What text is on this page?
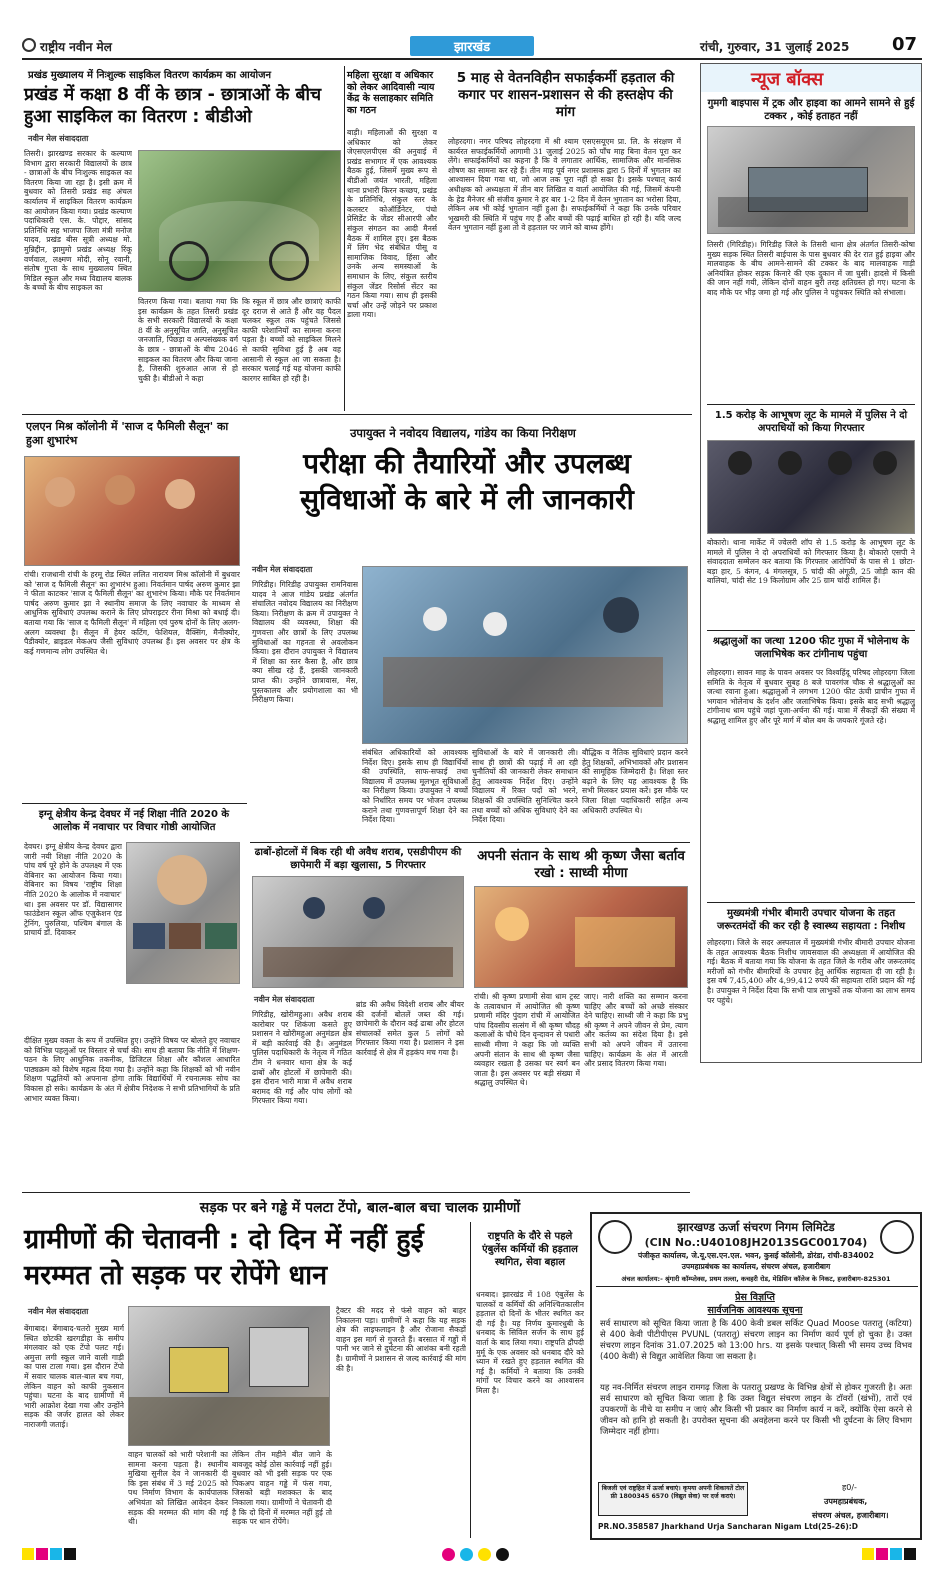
राष्ट्रीय नवीन मेल	झारखंड	रांची, गुरुवार, 31 जुलाई 2025 07
प्रखंड मुख्यालय में निःशुल्क साइकिल वितरण कार्यक्रम का आयोजन
प्रखंड में कक्षा 8 वीं के छात्र - छात्राओं के बीच हुआ साइकिल का वितरण : बीडीओ
नवीन मेल संवाददाता
तिसरी। झारखण्ड सरकार के कल्याण विभाग द्वारा सरकारी विद्यालयों के छात्र - छात्राओं के बीच निःशुल्क साइकल का वितरण किया जा रहा है। इसी क्रम में बुधवार को तिसरी प्रखंड सह अंचल कार्यालय में साइकिल वितरण कार्यक्रम का आयोजन किया गया। प्रखंड कल्याण पदाधिकारी एस. के. पोद्दार, सांसद प्रतिनिधि सह भाजपा जिला मंत्री मनोज यादव, प्रखंड बीस सूत्री अध्यक्ष मो. मुन्निद्दीन, झामुमो प्रखंड अध्यक्ष रिंकू वर्णवाल, लक्ष्मण मोदी, सोनू रवानी, संतोष गुप्ता के साथ मुख्यालय स्थित मिडिल स्कूल और मध्य विद्यालय बालक के बच्चों के बीच साइकल का
वितरण किया गया। बताया गया कि इस कार्यक्रम के तहत तिसरी प्रखंड के सभी सरकारी विद्यालयों के कक्षा 8 वीं के अनुसूचित जाति, अनुसूचित जनजाति, पिछड़ा व अल्पसंख्यक वर्ग के छात्र - छात्राओं के बीच 2046 साइकल का वितरण और किया जाना है, जिसकी शुरुआत आज से हो चुकी है। बीडीओ ने कहा
कि स्कूल में छात्र और छात्राएं काफी दूर दराज से आते हैं और वह पैदल चलकर स्कूल तक पहुंचते जिससे काफी परेशानियों का सामना करना पड़ता है। बच्चों को साइकिल मिलने से काफी सुविधा हुई है अब वह आसानी से स्कूल आ जा सकता है। सरकार चलाई गई यह योजना काफी कारगर साबित हो रही है।
महिला सुरक्षा व अधिकार को लेकर आदिवासी न्याय केंद्र के सलाहकार समिति का गठन
बाड़ी। महिलाओं की सुरक्षा व अधिकार को लेकर जेएसएलपीएस की अनुवाई में प्रखंड सभागार में एक आवश्यक बैठक हुई, जिसमें मुख्य रूप से बीडीओ जयंत भारती, महिला थाना प्रभारी किरन कच्छप, प्रखंड के प्रतिनिधि, संकुल स्तर के कलस्टर कोऑर्डिनेटर, पंचो प्रेसिडेंट के जेंडर सीआरपी और संकुल संगठन का आदी मैनर्स बैठक में शामिल हुए। इस बैठक में लिंग भेद संबंधित पीसू व सामाजिक विवाद, हिंसा और उनके अन्य समस्याओं के समाधान के लिए, संकुल स्तरीय संकुल जेंडर रिसोर्स सेंटर का गठन किया गया। साथ ही इसकी चर्चा और उन्हें जोड़ने पर प्रकाश डाला गया।
5 माह से वेतनविहीन सफाईकर्मी हड़ताल की कगार पर शासन-प्रशासन से की हस्तक्षेप की मांग
लोहरदगा। नगर परिषद लोहरदगा में श्री श्याम एसएसयूएम प्रा. लि. के संरक्षण में कार्यरत सफाईकर्मियों आगामी 31 जुलाई 2025 को पाँच माह बिना वेतन पूरा कर लेंगे। सफाईकर्मियों का कहना है कि वे लगातार आर्थिक, सामाजिक और मानसिक शोषण का सामना कर रहे हैं। तीन माह पूर्व नगर प्रशासक द्वारा 5 दिनों में भुगतान का आश्वासन दिया गया था, जो आज तक पूरा नहीं हो सका है। इसके पश्चात् कार्य अधीक्षक को अध्यक्षता में तीन बार लिखित व वार्ता आयोजित की गई, जिसमें कंपनी के हेड मैनेजर श्री संजीव कुमार ने हर बार 1-2 दिन में वेतन भुगतान का भरोसा दिया, लेकिन अब भी कोई भुगतान नहीं हुआ है। सफाईकर्मियों ने कहा कि उनके परिवार भूखमरी की स्थिति में पहुंच गए हैं और बच्चों की पढ़ाई बाधित हो रही है। यदि जल्द वेतन भुगतान नहीं हुआ तो वे हड़ताल पर जाने को बाध्य होंगे।
न्यूज बॉक्स
गुमगी बाइपास में ट्रक और हाइवा का आमने सामने से हुई टक्कर , कोई हताहत नहीं
तिसरी (गिरिडीह)। गिरिडीह जिले के तिसरी थाना क्षेत्र अंतर्गत तिसरी-कोषा मुख्य सड़क स्थित तिसरी बाईपास के पास बुधवार की देर रात हुई हाइवा और मालवाहक के बीच आमने-सामने की टक्कर के बाद मालवाहक गाड़ी अनियंत्रित होकर सड़क किनारे की एक दुकान में जा घुसी। हादसे में किसी की जान नहीं गयी, लेकिन दोनों वाहन बुरी तरह क्षतिग्रस्त हो गए। घटना के बाद मौके पर भीड़ जमा हो गई और पुलिस ने पहुंचकर स्थिति को संभाला।
1.5 करोड़ के आभूषण लूट के मामले में पुलिस ने दो अपराधियों को किया गिरफ्तार
बोकारो। थाना मार्केट में ज्वेलरी शॉप से 1.5 करोड़ के आभूषण लूट के मामले में पुलिस ने दो अपराधियों को गिरफ्तार किया है। बोकारो एसपी ने संवाददाता सम्मेलन कर बताया कि गिरफ्तार आरोपियों के पास से 1 छोटा-बड़ा हार, 5 कंगन, 4 मंगलसूत्र, 5 चांदी की अंगूठी, 25 जोड़ी कान की बालियां, चांदी सेट 19 किलोग्राम और 25 ग्राम चांदी शामिल हैं।
श्रद्धालुओं का जत्था 1200 फीट गुफा में भोलेनाथ के जलाभिषेक कर टांगीनाथ पहुंचा
लोहरदगा। सावन माह के पावन अवसर पर विश्वहिंदू परिषद लोहरदगा जिला समिति के नेतृत्व में बुधवार सुबह 8 बजे पावरगंज चौक से श्रद्धालुओं का जत्था रवाना हुआ। श्रद्धालुओं ने लगभग 1200 फीट ऊंची प्राचीन गुफा में भगवान भोलेनाथ के दर्शन और जलाभिषेक किया। इसके बाद सभी श्रद्धालु टांगीनाथ धाम पहुंचे जहां पूजा-अर्चना की गई। यात्रा में सैकड़ों की संख्या में श्रद्धालु शामिल हुए और पूरे मार्ग में बोल बम के जयकारे गूंजते रहे।
मुख्यमंत्री गंभीर बीमारी उपचार योजना के तहत जरूरतमंदों की कर रही है स्वास्थ्य सहायता : निशीथ
लोहरदगा। जिले के सदर अस्पताल में मुख्यमंत्री गंभीर बीमारी उपचार योजना के तहत आवश्यक बैठक निशीथ जायसवाल की अध्यक्षता में आयोजित की गई। बैठक में बताया गया कि योजना के तहत जिले के गरीब और जरूरतमंद मरीजों को गंभीर बीमारियों के उपचार हेतु आर्थिक सहायता दी जा रही है। इस वर्ष 7,45,400 और 4,99,412 रुपये की सहायता राशि प्रदान की गई है। उपायुक्त ने निर्देश दिया कि सभी पात्र लाभुकों तक योजना का लाभ समय पर पहुंचे।
एलएन मिश्र कॉलोनी में 'साज द फैमिली सैलून' का हुआ शुभारंभ
रांची। राजधानी रांची के हरमू रोड स्थित ललित नारायण मिश्र कॉलोनी में बुधवार को 'साज द फैमिली सैलून' का शुभारंभ हुआ। निवर्तमान पार्षद अरुण कुमार झा ने फीता काटकर 'साज द फैमिली सैलून' का शुभारंभ किया। मौके पर निवर्तमान पार्षद अरुण कुमार झा ने स्थानीय समाज के लिए नवाचार के माध्यम से आधुनिक सुविधाएं उपलब्ध कराने के लिए प्रोपराइटर रीना मिश्रा को बधाई दी। बताया गया कि 'साज द फैमिली सैलून' में महिला एवं पुरुष दोनों के लिए अलग-अलग व्यवस्था है। सैलून में हेयर कटिंग, फेशियल, वैक्सिंग, मैनीक्योर, पैडीक्योर, ब्राइडल मेकअप जैसी सुविधाएं उपलब्ध हैं। इस अवसर पर क्षेत्र के कई गणमान्य लोग उपस्थित थे।
उपायुक्त ने नवोदय विद्यालय, गांडेय का किया निरीक्षण
परीक्षा की तैयारियों और उपलब्ध सुविधाओं के बारे में ली जानकारी
नवीन मेल संवाददाता
गिरिडीह। गिरिडीह उपायुक्त रामनिवास यादव ने आज गांडेय प्रखंड अंतर्गत संचालित नवोदय विद्यालय का निरीक्षण किया। निरीक्षण के क्रम में उपायुक्त ने विद्यालय की व्यवस्था, शिक्षा की गुणवत्ता और छात्रों के लिए उपलब्ध सुविधाओं का गहनता से अवलोकन किया। इस दौरान उपायुक्त ने विद्यालय में शिक्षा का स्तर कैसा है, और छात्र क्या सीख रहे हैं, इसकी जानकारी प्राप्त की। उन्होंने छात्रावास, मेस, पुस्तकालय और प्रयोगशाला का भी निरीक्षण किया।
संबंधित अधिकारियों को आवश्यक निर्देश दिए। इसके साथ ही विद्यार्थियों की उपस्थिति, साफ-सफाई तथा विद्यालय में उपलब्ध मूलभूत सुविधाओं का निरीक्षण किया। उपायुक्त ने बच्चों को निर्धारित समय पर भोजन उपलब्ध कराने तथा गुणवत्तापूर्ण शिक्षा देने का निर्देश दिया।
सुविधाओं के बारे में जानकारी ली। साथ ही छात्रों की पढ़ाई में आ रही चुनौतियों की जानकारी लेकर समाधान हेतु आवश्यक निर्देश दिए। उन्होंने विद्यालय में रिक्त पदों को भरने, शिक्षकों की उपस्थिति सुनिश्चित करने तथा बच्चों को अधिक सुविधाएं देने का निर्देश दिया।
बौद्धिक व नैतिक सुविधाएं प्रदान करने हेतु शिक्षकों, अभिभावकों और प्रशासन की सामूहिक जिम्मेदारी है। शिक्षा स्तर बढ़ाने के लिए यह आवश्यक है कि सभी मिलकर प्रयास करें। इस मौके पर जिला शिक्षा पदाधिकारी सहित अन्य अधिकारी उपस्थित थे।
इग्नू क्षेत्रीय केन्द्र देवघर में नई शिक्षा नीति 2020 के आलोक में नवाचार पर विचार गोष्ठी आयोजित
देवघर। इग्नू क्षेत्रीय केन्द्र देवघर द्वारा जारी नयी शिक्षा नीति 2020 के पांच वर्ष पूरे होने के उपलक्ष्य में एक वेबिनार का आयोजन किया गया। वेबिनार का विषय 'राष्ट्रीय शिक्षा नीति 2020 के आलोक में नवाचार' था। इस अवसर पर डॉ. विद्यासागर फाउंडेशन स्कूल ऑफ एजुकेशन एंड ट्रेनिंग, पुरुलिया, पश्चिम बंगाल के प्राचार्य डॉ. दिवाकर
दीक्षित मुख्य वक्ता के रूप में उपस्थित हुए। उन्होंने विषय पर बोलते हुए नवाचार को विभिन्न पहलुओं पर विस्तार से चर्चा की। साथ ही बताया कि नीति में शिक्षण-पठन के लिए आधुनिक तकनीक, डिजिटल शिक्षा और कौशल आधारित पाठ्यक्रम को विशेष महत्व दिया गया है। उन्होंने कहा कि शिक्षकों को भी नवीन शिक्षण पद्धतियों को अपनाना होगा ताकि विद्यार्थियों में रचनात्मक सोच का विकास हो सके। कार्यक्रम के अंत में क्षेत्रीय निदेशक ने सभी प्रतिभागियों के प्रति आभार व्यक्त किया।
ढाबों-होटलों में बिक रही थी अवैध शराब, एसडीपीएम की छापेमारी में बड़ा खुलासा, 5 गिरफ्तार
नवीन मेल संवाददाता
गिरिडीह, खोरीमहुआ। अवैध शराब कारोबार पर शिकंजा कसते हुए प्रशासन ने खोरीमहुआ अनुमंडल क्षेत्र में बड़ी कार्रवाई की है। अनुमंडल पुलिस पदाधिकारी के नेतृत्व में गठित टीम ने धनवार थाना क्षेत्र के कई ढाबों और होटलों में छापेमारी की। इस दौरान भारी मात्रा में अवैध शराब बरामद की गई और पांच लोगों को गिरफ्तार किया गया।
ब्रांड की अवैध विदेशी शराब और बीयर की दर्जनों बोतलें जब्त की गई। छापेमारी के दौरान कई ढाबा और होटल संचालकों समेत कुल 5 लोगों को गिरफ्तार किया गया है। प्रशासन ने इस कार्रवाई से क्षेत्र में हड़कंप मच गया है।
अपनी संतान के साथ श्री कृष्ण जैसा बर्ताव रखो : साध्वी मीणा
रांची। श्री कृष्ण प्रणामी सेवा धाम ट्रस्ट के तत्वावधान में आयोजित श्री कृष्ण प्रणामी मंदिर पुंदाग रांची में आयोजित पांच दिवसीय सत्संग में श्री कृष्ण चौदह कलाओं के चौथे दिन वृन्दावन से पधारी साध्वी मीणा ने कहा कि जो व्यक्ति अपनी संतान के साथ श्री कृष्ण जैसा व्यवहार रखता है उसका घर स्वर्ग बन जाता है। इस अवसर पर बड़ी संख्या में श्रद्धालु उपस्थित थे।
जाए। नारी शक्ति का सम्मान करना चाहिए और बच्चों को अच्छे संस्कार देने चाहिए। साध्वी जी ने कहा कि प्रभु श्री कृष्ण ने अपने जीवन से प्रेम, त्याग और कर्तव्य का संदेश दिया है। इसे सभी को अपने जीवन में उतारना चाहिए। कार्यक्रम के अंत में आरती और प्रसाद वितरण किया गया।
सड़क पर बने गड्ढे में पलटा टेंपो, बाल-बाल बचा चालक ग्रामीणों
ग्रामीणों की चेतावनी : दो दिन में नहीं हुई मरम्मत तो सड़क पर रोपेंगे धान
नवीन मेल संवाददाता
बेंगाबाद। बेंगाबाद-चतरो मुख्य मार्ग स्थित छोटकी खरगडीहा के समीप मंगलवार को एक टेंपो पलट गई। अमुत्ता लगी स्कूल जाने वाली गाड़ी का पास टाला गया। इस दौरान टेंपो में सवार चालक बाल-बाल बच गया, लेकिन वाहन को काफी नुकसान पहुंचा। घटना के बाद ग्रामीणों में भारी आक्रोश देखा गया और उन्होंने सड़क की जर्जर हालत को लेकर नाराजगी जताई।
वाहन चालकों को भारी परेशानी का सामना करना पड़ता है। स्थानीय मुखिया सुनील देव ने जानकारी दी कि इस संबंध में 3 मई 2025 को पथ निर्माण विभाग के कार्यपालक अभियंता को लिखित आवेदन देकर सड़क की मरम्मत की मांग की गई थी।
लेकिन तीन महीने बीत जाने के बावजूद कोई ठोस कार्रवाई नहीं हुई। बुधवार को भी इसी सड़क पर एक पिकअप वाहन गड्ढे में फंस गया, जिसको बड़ी मशक्कत के बाद निकाला गया। ग्रामीणों ने चेतावनी दी है कि दो दिनों में मरम्मत नहीं हुई तो सड़क पर धान रोपेंगे।
ट्रैक्टर की मदद से फंसे वाहन को बाहर निकालना पड़ा। ग्रामीणों ने कहा कि यह सड़क क्षेत्र की लाइफलाइन है और रोजाना सैकड़ों वाहन इस मार्ग से गुजरते हैं। बरसात में गड्ढों में पानी भर जाने से दुर्घटना की आशंका बनी रहती है। ग्रामीणों ने प्रशासन से जल्द कार्रवाई की मांग की है।
राष्ट्रपति के दौरे से पहले एंबुलेंस कर्मियों की हड़ताल स्थगित, सेवा बहाल
धनबाद। झारखंड में 108 एंबुलेंस के चालकों व कर्मियों की अनिश्चितकालीन हड़ताल दो दिनों के भीतर स्थगित कर दी गई है। यह निर्णय कुमारधुबी के धनबाद के सिविल सर्जन के साथ हुई वार्ता के बाद लिया गया। राष्ट्रपति द्रौपदी मुर्मू के एक अवसर को धनबाद दौरे को ध्यान में रखते हुए हड़ताल स्थगित की गई है। कर्मियों ने बताया कि उनकी मांगों पर विचार करने का आश्वासन मिला है।
झारखण्ड ऊर्जा संचरण निगम लिमिटेड
(CIN No.:U40108JH2013SGC001704)
पंजीकृत कार्यालय, जे.यू.एस.एन.एल. भवन, कुसई कॉलोनी, डोरंडा, रांची-834002
उपमहाप्रबंधक का कार्यालय, संचरण अंचल, हजारीबाग
अंचल कार्यालय:- श्रृंगारी कॉम्प्लेक्स, प्रथम तल्ला, कचहरी रोड, मेडिसिन कॉलेज के निकट, हजारीबाग-825301
प्रेस विज्ञप्ति
सार्वजनिक आवश्यक सूचना
सर्व साधारण को सूचित किया जाता है कि 400 केवी डबल सर्किट Quad Moose पतरातु (कटिया) से 400 केवी पीटीपीएस PVUNL (पतरातु) संचरण लाइन का निर्माण कार्य पूर्ण हो चुका है। उक्त संचरण लाइन दिनांक 31.07.2025 को 13:00 hrs. या इसके पश्चात् किसी भी समय उच्च विभव (400 केवी) से विद्युत आवेशित किया जा सकता है।
यह नव-निर्मित संचरण लाइन रामगढ़ जिला के पतरातु प्रखण्ड के विभिन्न क्षेत्रों से होकर गुजरती है। अतः सर्व साधारण को सूचित किया जाता है कि उक्त विद्युत संचरण लाइन के टॉवरों (खंभों), तारों एवं उपकरणों के नीचे या समीप न जाएं और किसी भी प्रकार का निर्माण कार्य न करें, क्योंकि ऐसा करने से जीवन को हानि हो सकती है। उपरोक्त सूचना की अवहेलना करने पर किसी भी दुर्घटना के लिए विभाग जिम्मेदार नहीं होगा।
बिजली एवं राष्ट्रहित में ऊर्जा बचाएं। कृपया अपनी शिकायतें टोल फ्री 1800345 6570 (विद्युत सेवा) पर दर्ज कराएं।
ह0/-
उपमहाप्रबंधक,
संचरण अंचल, हजारीबाग।
PR.NO.358587 Jharkhand Urja Sancharan Nigam Ltd(25-26):D
